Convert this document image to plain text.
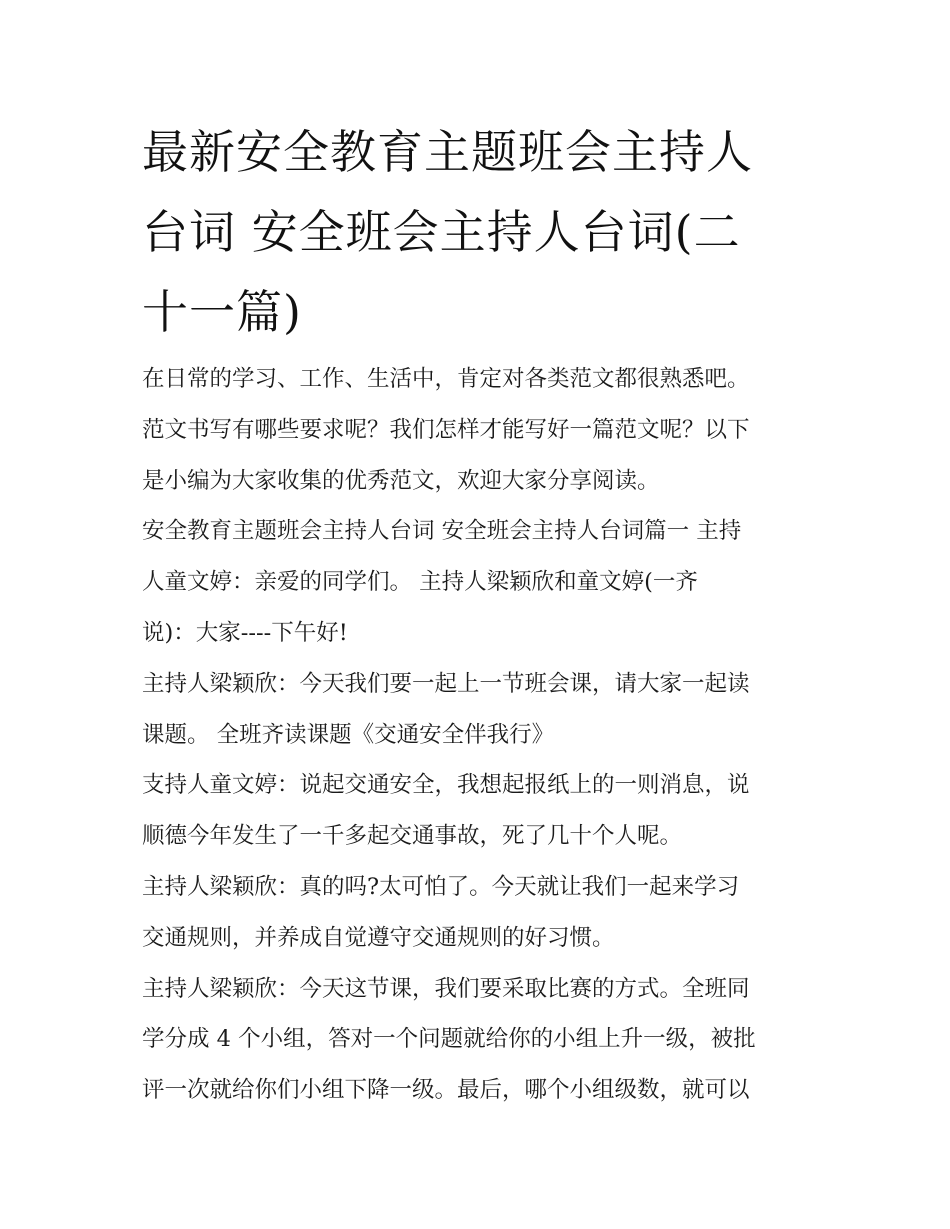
最新安全教育主题班会主持人
台词 安全班会主持人台词(二
十一篇)
在日常的学习、工作、生活中，肯定对各类范文都很熟悉吧。
范文书写有哪些要求呢？我们怎样才能写好一篇范文呢？以下
是小编为大家收集的优秀范文，欢迎大家分享阅读。
安全教育主题班会主持人台词 安全班会主持人台词篇一 主持
人童文婷：亲爱的同学们。 主持人梁颖欣和童文婷(一齐
说)：大家----下午好!
主持人梁颖欣：今天我们要一起上一节班会课，请大家一起读
课题。 全班齐读课题《交通安全伴我行》
支持人童文婷：说起交通安全，我想起报纸上的一则消息，说
顺德今年发生了一千多起交通事故，死了几十个人呢。
主持人梁颖欣：真的吗?太可怕了。今天就让我们一起来学习
交通规则，并养成自觉遵守交通规则的好习惯。
主持人梁颖欣：今天这节课，我们要采取比赛的方式。全班同
学分成 4 个小组，答对一个问题就给你的小组上升一级，被批
评一次就给你们小组下降一级。最后，哪个小组级数，就可以
